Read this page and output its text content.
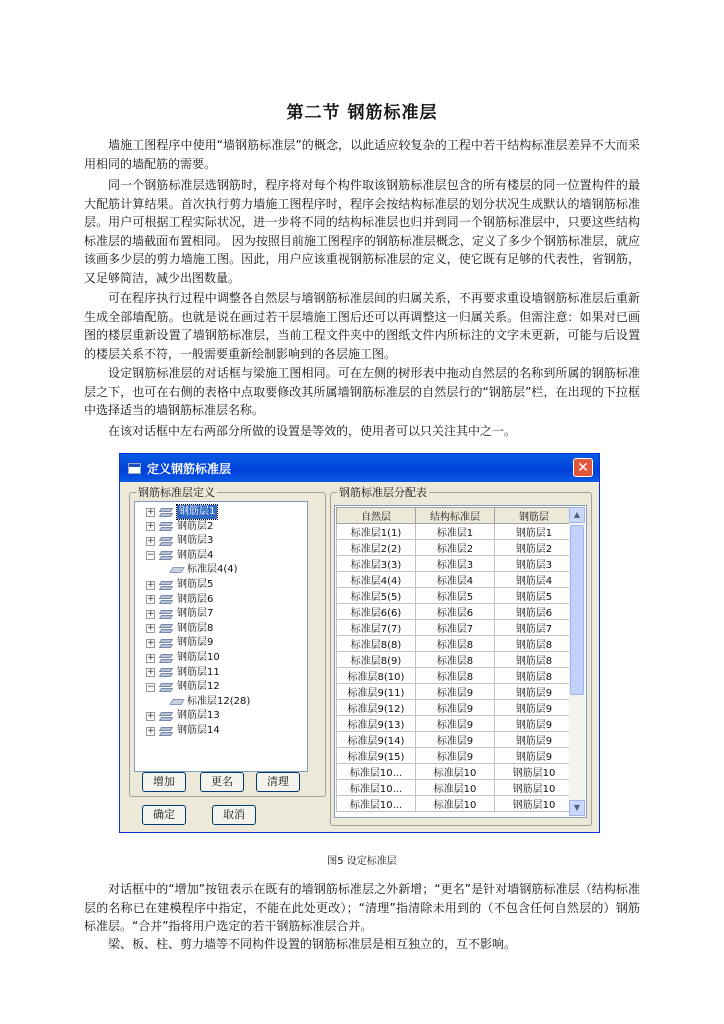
第二节 钢筋标准层

墙施工图程序中使用“墙钢筋标准层”的概念，以此适应较复杂的工程中若干结构标准层差异不大而采用相同的墙配筋的需要。

同一个钢筋标准层选钢筋时，程序将对每个构件取该钢筋标准层包含的所有楼层的同一位置构件的最大配筋计算结果。首次执行剪力墙施工图程序时，程序会按结构标准层的划分状况生成默认的墙钢筋标准层。用户可根据工程实际状况，进一步将不同的结构标准层也归并到同一个钢筋标准层中，只要这些结构标准层的墙截面布置相同。 因为按照目前施工图程序的钢筋标准层概念，定义了多少个钢筋标准层，就应该画多少层的剪力墙施工图。因此，用户应该重视钢筋标准层的定义，使它既有足够的代表性，省钢筋，又足够简洁，减少出图数量。

可在程序执行过程中调整各自然层与墙钢筋标准层间的归属关系，不再要求重设墙钢筋标准层后重新生成全部墙配筋。也就是说在画过若干层墙施工图后还可以再调整这一归属关系。但需注意：如果对已画图的楼层重新设置了墙钢筋标准层，当前工程文件夹中的图纸文件内所标注的文字未更新，可能与后设置的楼层关系不符，一般需要重新绘制影响到的各层施工图。

设定钢筋标准层的对话框与梁施工图相同。可在左侧的树形表中拖动自然层的名称到所属的钢筋标准层之下，也可在右侧的表格中点取要修改其所属墙钢筋标准层的自然层行的“钢筋层”栏，在出现的下拉框中选择适当的墙钢筋标准层名称。

在该对话框中左右两部分所做的设置是等效的，使用者可以只关注其中之一。

定义钢筋标准层	✕
钢筋标准层定义
+ 钢筋层1
+ 钢筋层2
+ 钢筋层3
− 钢筋层4
标准层4(4)
+ 钢筋层5
+ 钢筋层6
+ 钢筋层7
+ 钢筋层8
+ 钢筋层9
+ 钢筋层10
+ 钢筋层11
− 钢筋层12
标准层12(28)
+ 钢筋层13
+ 钢筋层14
增加	更名	清理
确定	取消
钢筋标准层分配表
自然层	结构标准层	钢筋层
标准层1(1)	标准层1	钢筋层1
标准层2(2)	标准层2	钢筋层2
标准层3(3)	标准层3	钢筋层3
标准层4(4)	标准层4	钢筋层4
标准层5(5)	标准层5	钢筋层5
标准层6(6)	标准层6	钢筋层6
标准层7(7)	标准层7	钢筋层7
标准层8(8)	标准层8	钢筋层8
标准层8(9)	标准层8	钢筋层8
标准层8(10)	标准层8	钢筋层8
标准层9(11)	标准层9	钢筋层9
标准层9(12)	标准层9	钢筋层9
标准层9(13)	标准层9	钢筋层9
标准层9(14)	标准层9	钢筋层9
标准层9(15)	标准层9	钢筋层9
标准层10...	标准层10	钢筋层10
标准层10...	标准层10	钢筋层10
标准层10...	标准层10	钢筋层10
▲
▼
图5 设定标准层

对话框中的“增加”按钮表示在既有的墙钢筋标准层之外新增；“更名”是针对墙钢筋标准层（结构标准层的名称已在建模程序中指定，不能在此处更改）；“清理”指清除未用到的（不包含任何自然层的）钢筋标准层。“合并”指将用户选定的若干钢筋标准层合并。

梁、板、柱、剪力墙等不同构件设置的钢筋标准层是相互独立的，互不影响。
